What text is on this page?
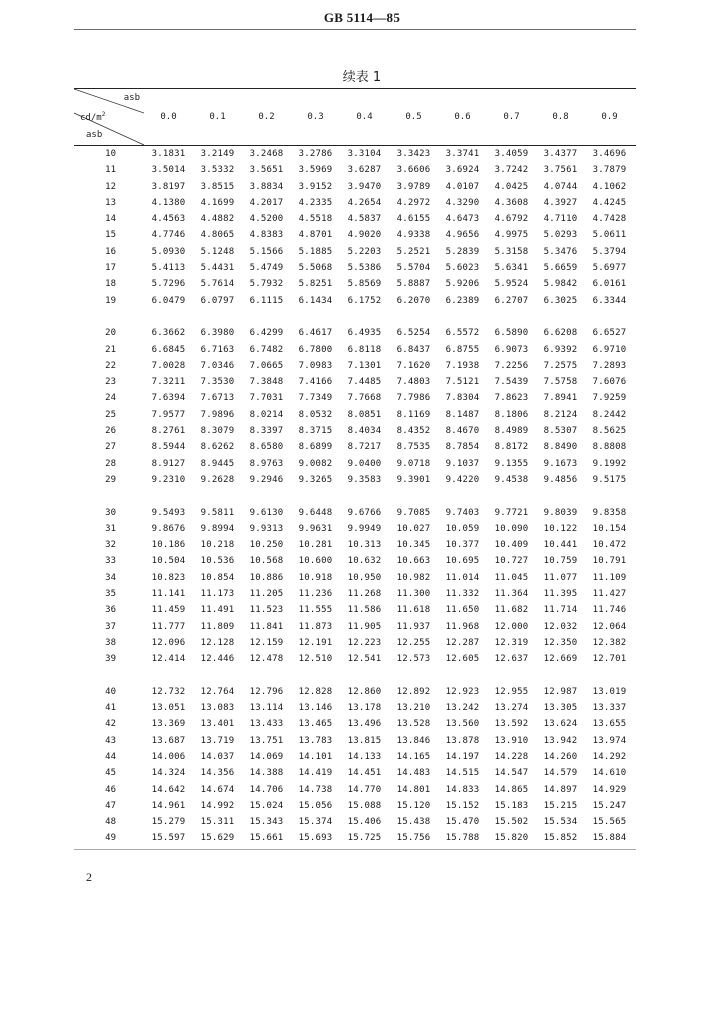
GB 5114—85
续表 1
asb
$cd/m^2$
asb
0.0	0.1	0.2	0.3	0.4	0.5	0.6	0.7	0.8	0.9
10	3.1831	3.2149	3.2468	3.2786	3.3104	3.3423	3.3741	3.4059	3.4377	3.4696
11	3.5014	3.5332	3.5651	3.5969	3.6287	3.6606	3.6924	3.7242	3.7561	3.7879
12	3.8197	3.8515	3.8834	3.9152	3.9470	3.9789	4.0107	4.0425	4.0744	4.1062
13	4.1380	4.1699	4.2017	4.2335	4.2654	4.2972	4.3290	4.3608	4.3927	4.4245
14	4.4563	4.4882	4.5200	4.5518	4.5837	4.6155	4.6473	4.6792	4.7110	4.7428
15	4.7746	4.8065	4.8383	4.8701	4.9020	4.9338	4.9656	4.9975	5.0293	5.0611
16	5.0930	5.1248	5.1566	5.1885	5.2203	5.2521	5.2839	5.3158	5.3476	5.3794
17	5.4113	5.4431	5.4749	5.5068	5.5386	5.5704	5.6023	5.6341	5.6659	5.6977
18	5.7296	5.7614	5.7932	5.8251	5.8569	5.8887	5.9206	5.9524	5.9842	6.0161
19	6.0479	6.0797	6.1115	6.1434	6.1752	6.2070	6.2389	6.2707	6.3025	6.3344
20	6.3662	6.3980	6.4299	6.4617	6.4935	6.5254	6.5572	6.5890	6.6208	6.6527
21	6.6845	6.7163	6.7482	6.7800	6.8118	6.8437	6.8755	6.9073	6.9392	6.9710
22	7.0028	7.0346	7.0665	7.0983	7.1301	7.1620	7.1938	7.2256	7.2575	7.2893
23	7.3211	7.3530	7.3848	7.4166	7.4485	7.4803	7.5121	7.5439	7.5758	7.6076
24	7.6394	7.6713	7.7031	7.7349	7.7668	7.7986	7.8304	7.8623	7.8941	7.9259
25	7.9577	7.9896	8.0214	8.0532	8.0851	8.1169	8.1487	8.1806	8.2124	8.2442
26	8.2761	8.3079	8.3397	8.3715	8.4034	8.4352	8.4670	8.4989	8.5307	8.5625
27	8.5944	8.6262	8.6580	8.6899	8.7217	8.7535	8.7854	8.8172	8.8490	8.8808
28	8.9127	8.9445	8.9763	9.0082	9.0400	9.0718	9.1037	9.1355	9.1673	9.1992
29	9.2310	9.2628	9.2946	9.3265	9.3583	9.3901	9.4220	9.4538	9.4856	9.5175
30	9.5493	9.5811	9.6130	9.6448	9.6766	9.7085	9.7403	9.7721	9.8039	9.8358
31	9.8676	9.8994	9.9313	9.9631	9.9949	10.027	10.059	10.090	10.122	10.154
32	10.186	10.218	10.250	10.281	10.313	10.345	10.377	10.409	10.441	10.472
33	10.504	10.536	10.568	10.600	10.632	10.663	10.695	10.727	10.759	10.791
34	10.823	10.854	10.886	10.918	10.950	10.982	11.014	11.045	11.077	11.109
35	11.141	11.173	11.205	11.236	11.268	11.300	11.332	11.364	11.395	11.427
36	11.459	11.491	11.523	11.555	11.586	11.618	11.650	11.682	11.714	11.746
37	11.777	11.809	11.841	11.873	11.905	11.937	11.968	12.000	12.032	12.064
38	12.096	12.128	12.159	12.191	12.223	12.255	12.287	12.319	12.350	12.382
39	12.414	12.446	12.478	12.510	12.541	12.573	12.605	12.637	12.669	12.701
40	12.732	12.764	12.796	12.828	12.860	12.892	12.923	12.955	12.987	13.019
41	13.051	13.083	13.114	13.146	13.178	13.210	13.242	13.274	13.305	13.337
42	13.369	13.401	13.433	13.465	13.496	13.528	13.560	13.592	13.624	13.655
43	13.687	13.719	13.751	13.783	13.815	13.846	13.878	13.910	13.942	13.974
44	14.006	14.037	14.069	14.101	14.133	14.165	14.197	14.228	14.260	14.292
45	14.324	14.356	14.388	14.419	14.451	14.483	14.515	14.547	14.579	14.610
46	14.642	14.674	14.706	14.738	14.770	14.801	14.833	14.865	14.897	14.929
47	14.961	14.992	15.024	15.056	15.088	15.120	15.152	15.183	15.215	15.247
48	15.279	15.311	15.343	15.374	15.406	15.438	15.470	15.502	15.534	15.565
49	15.597	15.629	15.661	15.693	15.725	15.756	15.788	15.820	15.852	15.884
2
